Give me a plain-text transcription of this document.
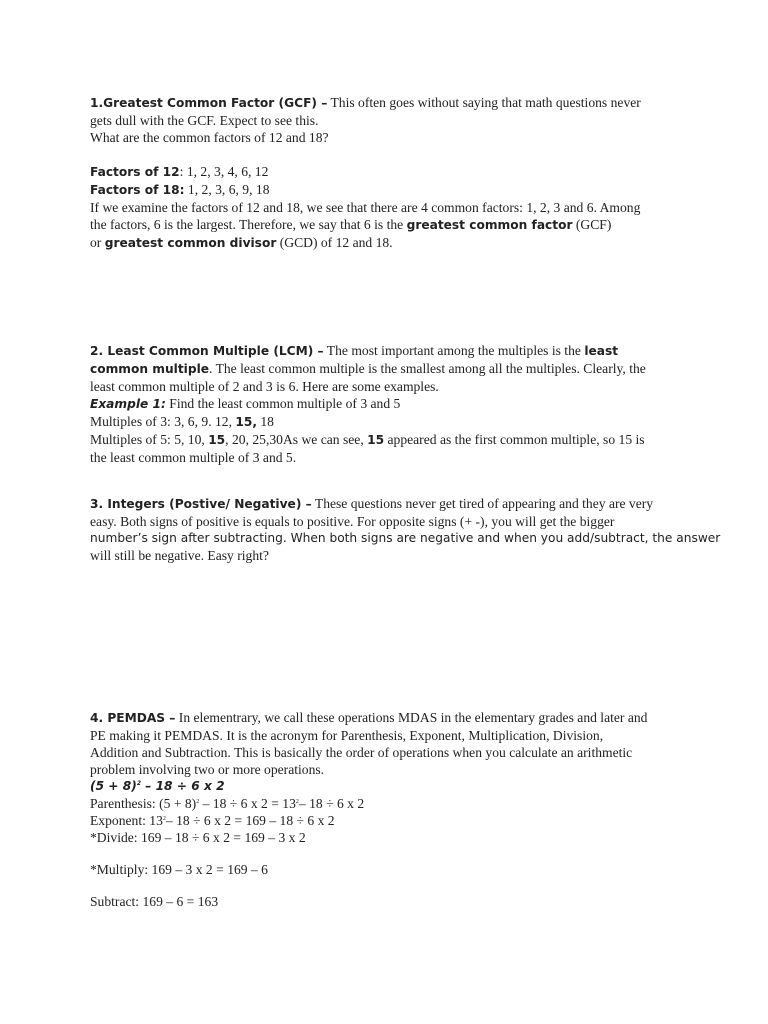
1.Greatest Common Factor (GCF) – This often goes without saying that math questions never
gets dull with the GCF. Expect to see this.
What are the common factors of 12 and 18?
Factors of 12: 1, 2, 3, 4, 6, 12
Factors of 18: 1, 2, 3, 6, 9, 18
If we examine the factors of 12 and 18, we see that there are 4 common factors: 1, 2, 3 and 6. Among
the factors, 6 is the largest. Therefore, we say that 6 is the greatest common factor (GCF)
or greatest common divisor (GCD) of 12 and 18.
2. Least Common Multiple (LCM) – The most important among the multiples is the least
common multiple. The least common multiple is the smallest among all the multiples. Clearly, the
least common multiple of 2 and 3 is 6. Here are some examples.
Example 1: Find the least common multiple of 3 and 5
Multiples of 3: 3, 6, 9. 12, 15, 18
Multiples of 5: 5, 10, 15, 20, 25,30As we can see, 15 appeared as the first common multiple, so 15 is
the least common multiple of 3 and 5.
3. Integers (Postive/ Negative) – These questions never get tired of appearing and they are very
easy. Both signs of positive is equals to positive. For opposite signs (+ -), you will get the bigger
number’s sign after subtracting. When both signs are negative and when you add/subtract, the answer
will still be negative. Easy right?
4. PEMDAS – In elementrary, we call these operations MDAS in the elementary grades and later and
PE making it PEMDAS. It is the acronym for Parenthesis, Exponent, Multiplication, Division,
Addition and Subtraction. This is basically the order of operations when you calculate an arithmetic
problem involving two or more operations.
$(5 + 8)^2 - 18 \div 6$ x 2
Parenthesis: $(5 + 8)^2 - 18 \div 6$ x $2 = 13^2-$ 18 ÷ 6 x 2
Exponent: $13^2-$ 18 ÷ 6 x 2 = 169 – 18 ÷ 6 x 2
*Divide: 169 – 18 ÷ 6 x 2 = 169 – 3 x 2
*Multiply: 169 – 3 x 2 = 169 – 6
Subtract: 169 – 6 = 163
